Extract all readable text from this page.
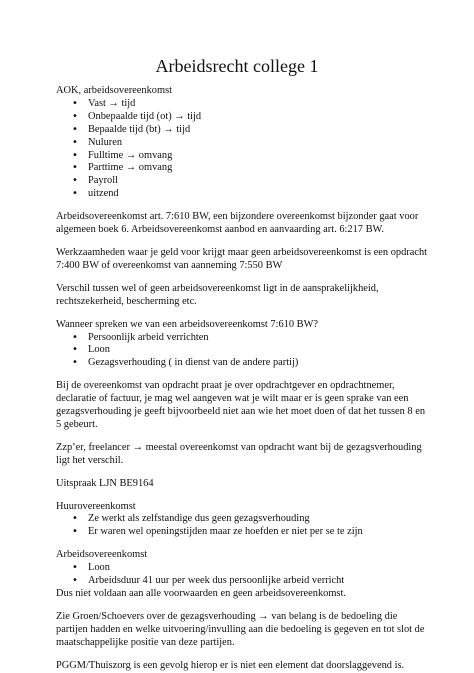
Arbeidsrecht college 1

AOK, arbeidsovereenkomst

• Vast → tijd
• Onbepaalde tijd (ot) → tijd
• Bepaalde tijd (bt) → tijd
• Nuluren
• Fulltime → omvang
• Parttime → omvang
• Payroll
• uitzend

Arbeidsovereenkomst art. 7:610 BW, een bijzondere overeenkomst bijzonder gaat voor algemeen boek 6. Arbeidsovereenkomst aanbod en aanvaarding art. 6:217 BW.

Werkzaamheden waar je geld voor krijgt maar geen arbeidsovereenkomst is een opdracht 7:400 BW of overeenkomst van aanneming 7:550 BW

Verschil tussen wel of geen arbeidsovereenkomst ligt in de aansprakelijkheid, rechtszekerheid, bescherming etc.

Wanneer spreken we van een arbeidsovereenkomst 7:610 BW?

• Persoonlijk arbeid verrichten
• Loon
• Gezagsverhouding ( in dienst van de andere partij)

Bij de overeenkomst van opdracht praat je over opdrachtgever en opdrachtnemer, declaratie of factuur, je mag wel aangeven wat je wilt maar er is geen sprake van een gezagsverhouding je geeft bijvoorbeeld niet aan wie het moet doen of dat het tussen 8 en 5 gebeurt.

Zzp’er, freelancer → meestal overeenkomst van opdracht want bij de gezagsverhouding ligt het verschil.

Uitspraak LJN BE9164

Huurovereenkomst

• Ze werkt als zelfstandige dus geen gezagsverhouding
• Er waren wel openingstijden maar ze hoefden er niet per se te zijn

Arbeidsovereenkomst

• Loon
• Arbeidsduur 41 uur per week dus persoonlijke arbeid verricht

Dus niet voldaan aan alle voorwaarden en geen arbeidsovereenkomst.

Zie Groen/Schoevers over de gezagsverhouding → van belang is de bedoeling die partijen hadden en welke uitvoering/invulling aan die bedoeling is gegeven en tot slot de maatschappelijke positie van deze partijen.

PGGM/Thuiszorg is een gevolg hierop er is niet een element dat doorslaggevend is.
